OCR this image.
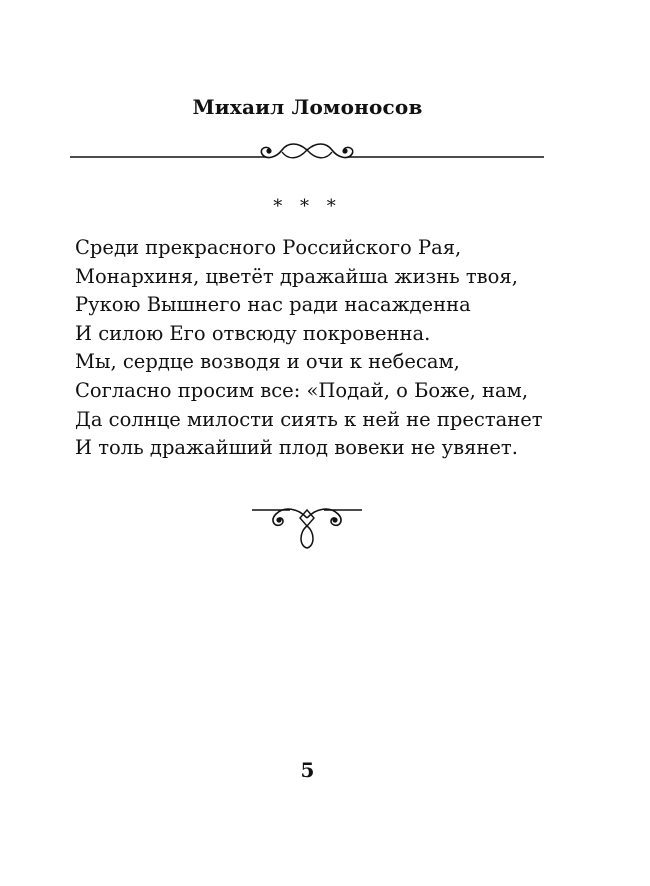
Михаил Ломоносов
* * *
Среди прекрасного Российского Рая,
Монархиня, цветёт дражайша жизнь твоя,
Рукою Вышнего нас ради насажденна
И силою Его отвсюду покровенна.
Мы, сердце возводя и очи к небесам,
Согласно просим все: «Подай, о Боже, нам,
Да солнце милости сиять к ней не престанет
И толь дражайший плод вовеки не увянет.
5
